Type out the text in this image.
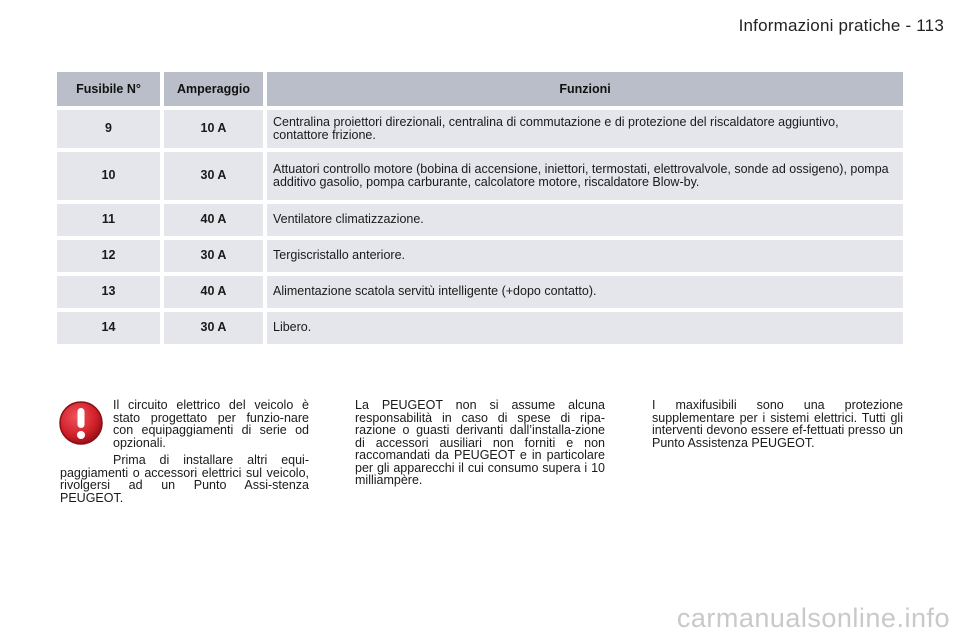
Informazioni pratiche - 113
Fusibile N°	Amperaggio	Funzioni
9	10 A	Centralina proiettori direzionali, centralina di commutazione e di protezione del riscaldatore aggiuntivo, contattore frizione.
10	30 A	Attuatori controllo motore (bobina di accensione, iniettori, termostati, elettrovalvole, sonde ad ossigeno), pompa additivo gasolio, pompa carburante, calcolatore motore, riscaldatore Blow-by.
11	40 A	Ventilatore climatizzazione.
12	30 A	Tergiscristallo anteriore.
13	40 A	Alimentazione scatola servitù intelligente (+dopo contatto).
14	30 A	Libero.

Il circuito elettrico del veicolo è stato progettato per funzio-nare con equipaggiamenti di serie od opzionali.

Prima di installare altri equi-paggiamenti o accessori elettrici sul veicolo, rivolgersi ad un Punto Assi-stenza PEUGEOT.

La PEUGEOT non si assume alcuna responsabilità in caso di spese di ripa-razione o guasti derivanti dall’installa-zione di accessori ausiliari non forniti e non raccomandati da PEUGEOT e in particolare per gli apparecchi il cui consumo supera i 10 milliampère.

I maxifusibili sono una protezione supplementare per i sistemi elettrici. Tutti gli interventi devono essere ef-fettuati presso un Punto Assistenza PEUGEOT.

carmanualsonline.info
